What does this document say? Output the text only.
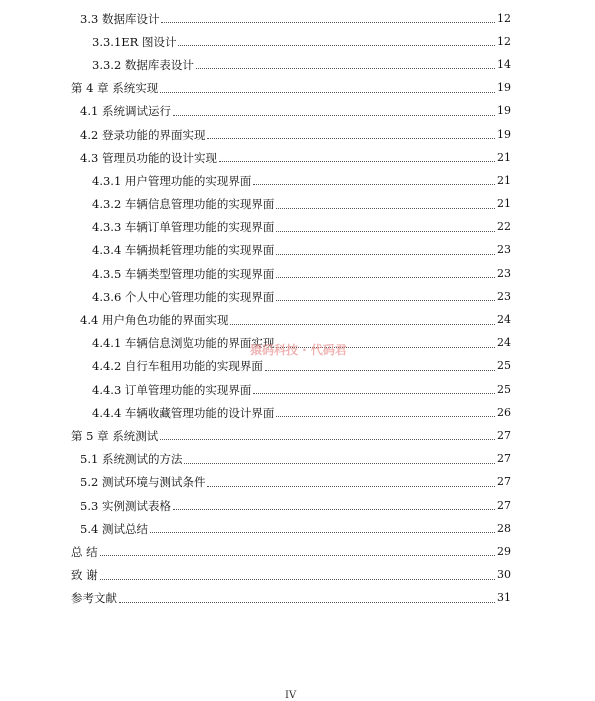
3.3 数据库设计	12
3.3.1ER 图设计	12
3.3.2 数据库表设计	14
第 4 章 系统实现	19
4.1 系统调试运行	19
4.2 登录功能的界面实现	19
4.3 管理员功能的设计实现	21
4.3.1 用户管理功能的实现界面	21
4.3.2 车辆信息管理功能的实现界面	21
4.3.3 车辆订单管理功能的实现界面	22
4.3.4 车辆损耗管理功能的实现界面	23
4.3.5 车辆类型管理功能的实现界面	23
4.3.6 个人中心管理功能的实现界面	23
4.4 用户角色功能的界面实现	24
4.4.1 车辆信息浏览功能的界面实现	24
4.4.2 自行车租用功能的实现界面	25
4.4.3 订单管理功能的实现界面	25
4.4.4 车辆收藏管理功能的设计界面	26
第 5 章 系统测试	27
5.1 系统测试的方法	27
5.2 测试环境与测试条件	27
5.3 实例测试表格	27
5.4 测试总结	28
总 结	29
致 谢	30
参考文献	31
猿码科技 · 代码君
IV
